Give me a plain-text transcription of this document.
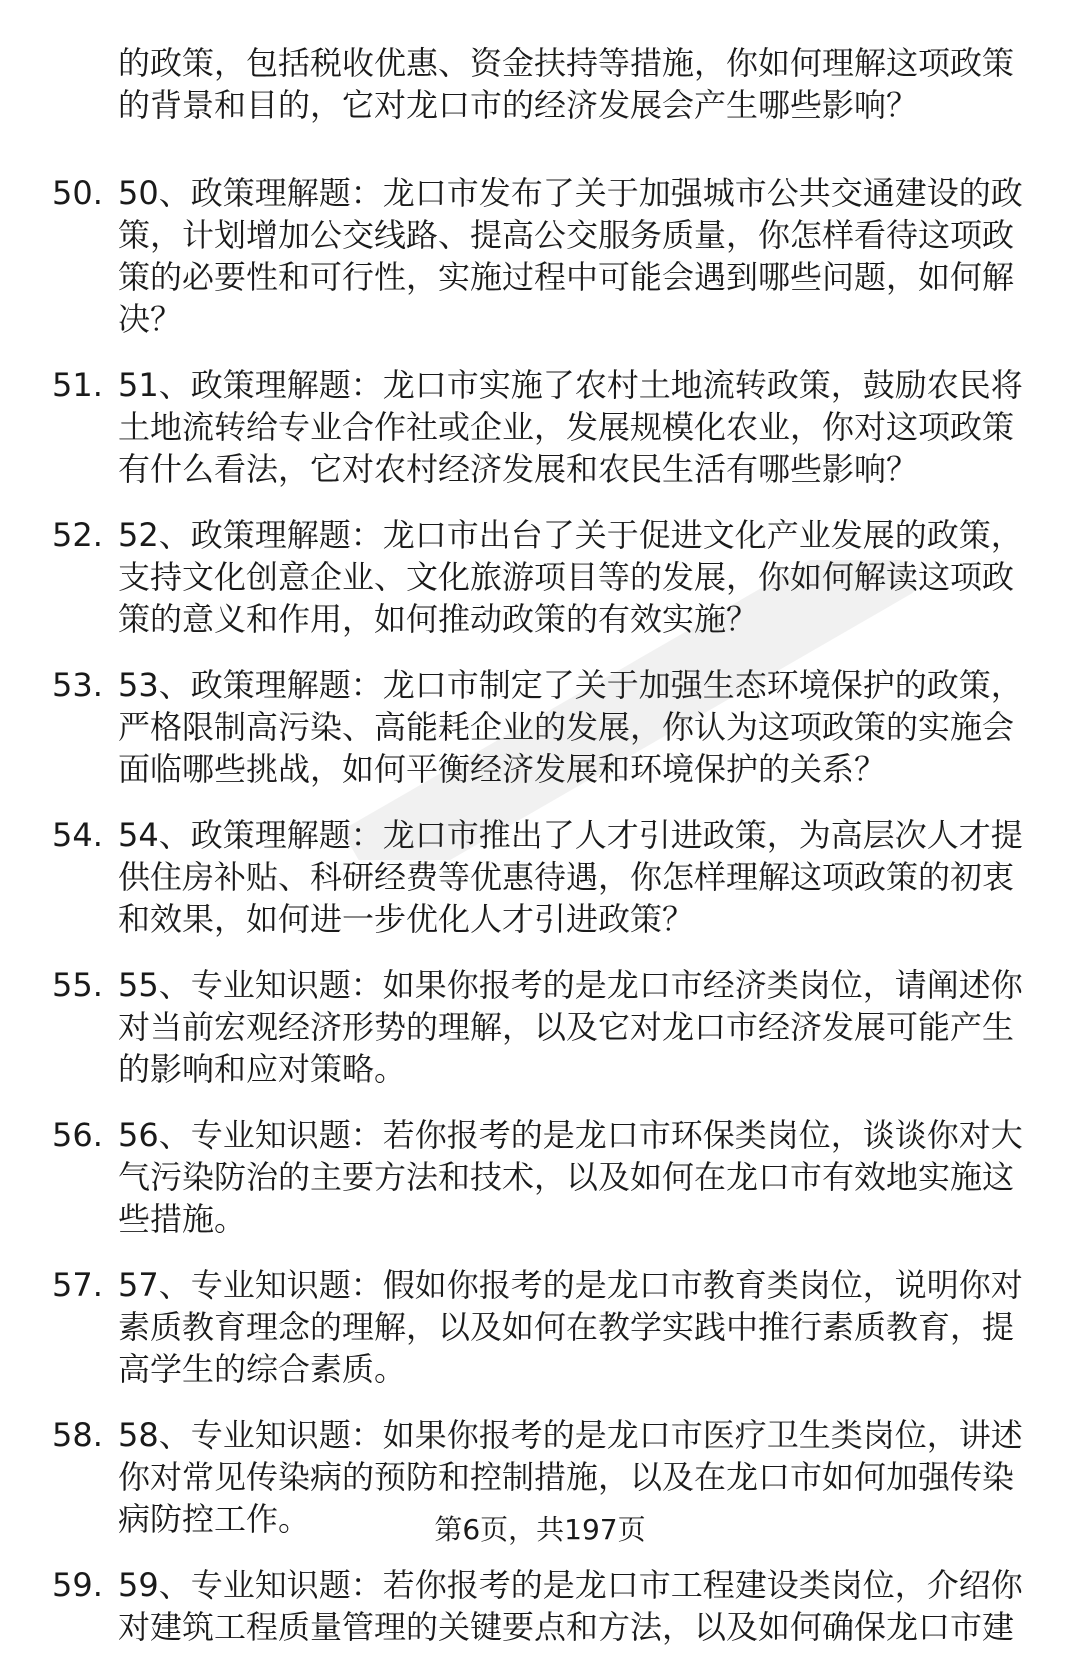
的政策，包括税收优惠、资金扶持等措施，你如何理解这项政策的背景和目的，它对龙口市的经济发展会产生哪些影响？
50. 50、政策理解题：龙口市发布了关于加强城市公共交通建设的政策，计划增加公交线路、提高公交服务质量，你怎样看待这项政策的必要性和可行性，实施过程中可能会遇到哪些问题，如何解决？
51. 51、政策理解题：龙口市实施了农村土地流转政策，鼓励农民将土地流转给专业合作社或企业，发展规模化农业，你对这项政策有什么看法，它对农村经济发展和农民生活有哪些影响？
52. 52、政策理解题：龙口市出台了关于促进文化产业发展的政策，支持文化创意企业、文化旅游项目等的发展，你如何解读这项政策的意义和作用，如何推动政策的有效实施？
53. 53、政策理解题：龙口市制定了关于加强生态环境保护的政策，严格限制高污染、高能耗企业的发展，你认为这项政策的实施会面临哪些挑战，如何平衡经济发展和环境保护的关系？
54. 54、政策理解题：龙口市推出了人才引进政策，为高层次人才提供住房补贴、科研经费等优惠待遇，你怎样理解这项政策的初衷和效果，如何进一步优化人才引进政策？
55. 55、专业知识题：如果你报考的是龙口市经济类岗位，请阐述你对当前宏观经济形势的理解，以及它对龙口市经济发展可能产生的影响和应对策略。
56. 56、专业知识题：若你报考的是龙口市环保类岗位，谈谈你对大气污染防治的主要方法和技术，以及如何在龙口市有效地实施这些措施。
57. 57、专业知识题：假如你报考的是龙口市教育类岗位，说明你对素质教育理念的理解，以及如何在教学实践中推行素质教育，提高学生的综合素质。
58. 58、专业知识题：如果你报考的是龙口市医疗卫生类岗位，讲述你对常见传染病的预防和控制措施，以及在龙口市如何加强传染病防控工作。
59. 59、专业知识题：若你报考的是龙口市工程建设类岗位，介绍你对建筑工程质量管理的关键要点和方法，以及如何确保龙口市建
第6页，共197页
